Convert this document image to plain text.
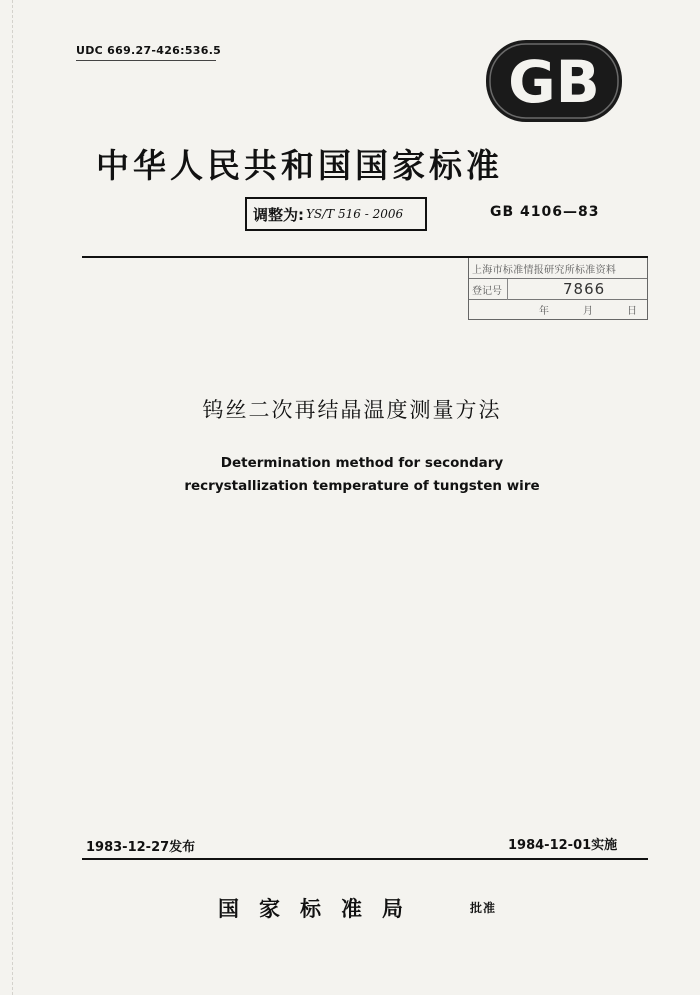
UDC 669.27-426:536.5	GB
中华人民共和国国家标准
调整为: YS/T 516 - 2006	GB 4106—83
上海市标准情报研究所标准资料
登记号	7866
年	月	日
钨丝二次再结晶温度测量方法
Determination method for secondary
recrystallization temperature of tungsten wire
1983-12-27发布	1984-12-01实施
国家标准局	批准
